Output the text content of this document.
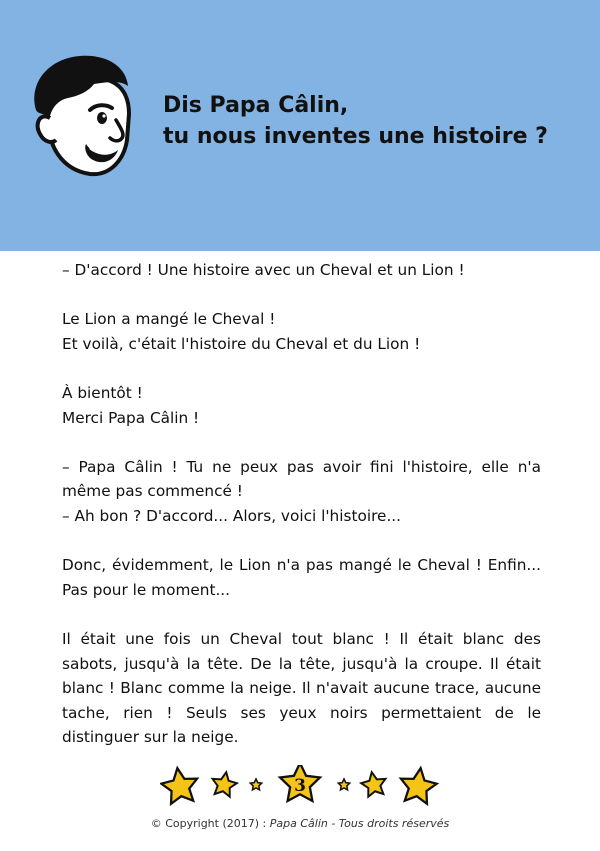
Dis Papa Câlin,
tu nous inventes une histoire ?

– D'accord ! Une histoire avec un Cheval et un Lion !

Le Lion a mangé le Cheval !
Et voilà, c'était l'histoire du Cheval et du Lion !

À bientôt !
Merci Papa Câlin !

– Papa Câlin ! Tu ne peux pas avoir fini l'histoire, elle n'a même pas commencé !
– Ah bon ? D'accord... Alors, voici l'histoire...

Donc, évidemment, le Lion n'a pas mangé le Cheval ! Enfin... Pas pour le moment...

Il était une fois un Cheval tout blanc ! Il était blanc des sabots, jusqu'à la tête. De la tête, jusqu'à la croupe. Il était blanc ! Blanc comme la neige. Il n'avait aucune trace, aucune tache, rien ! Seuls ses yeux noirs permettaient de le distinguer sur la neige.

3
© Copyright (2017) : Papa Câlin - Tous droits réservés
